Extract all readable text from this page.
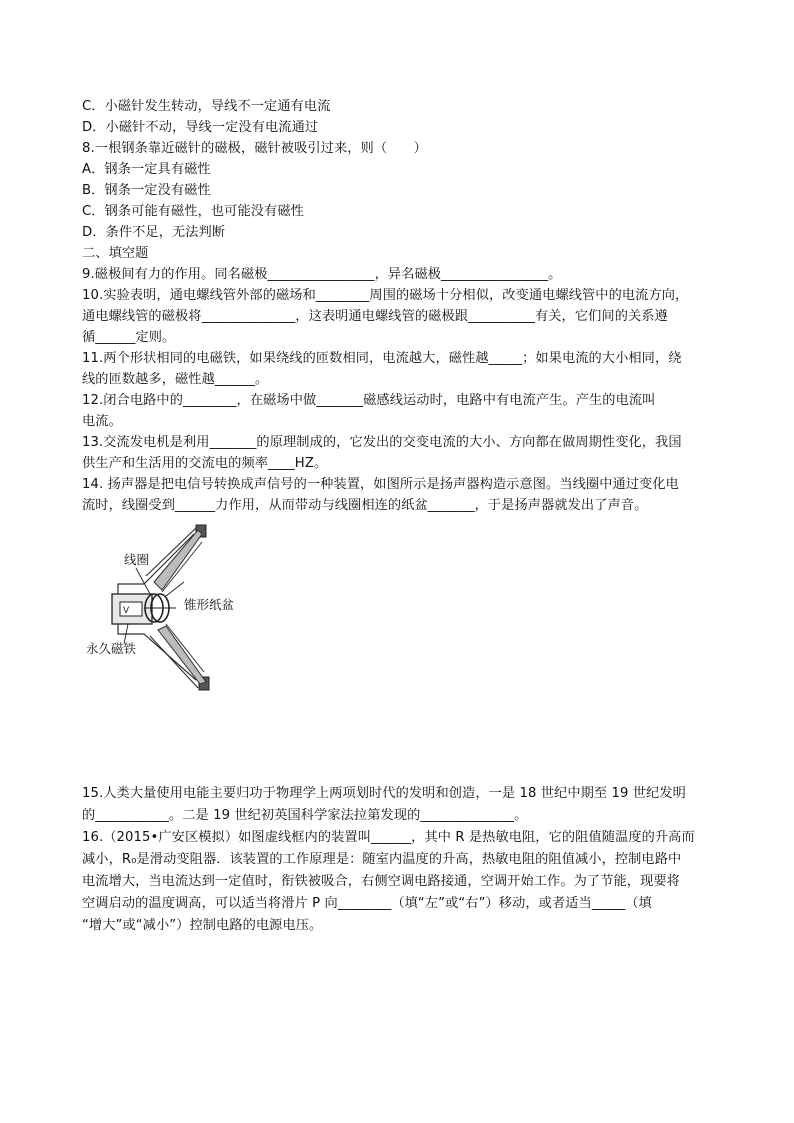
C．小磁针发生转动，导线不一定通有电流
D．小磁针不动，导线一定没有电流通过
8.一根钢条靠近磁针的磁极，磁针被吸引过来，则（　　）
A．钢条一定具有磁性
B．钢条一定没有磁性
C．钢条可能有磁性，也可能没有磁性
D．条件不足，无法判断
二、填空题
9.磁极间有力的作用。同名磁极________________，异名磁极________________。
10.实验表明，通电螺线管外部的磁场和________周围的磁场十分相似，改变通电螺线管中的电流方向，
通电螺线管的磁极将______________，这表明通电螺线管的磁极跟__________有关，它们间的关系遵
循______定则。
11.两个形状相同的电磁铁，如果绕线的匝数相同，电流越大，磁性越_____；如果电流的大小相同，绕
线的匝数越多，磁性越______。
12.闭合电路中的________，在磁场中做_______磁感线运动时，电路中有电流产生。产生的电流叫
电流。
13.交流发电机是利用_______的原理制成的，它发出的交变电流的大小、方向都在做周期性变化，我国
供生产和生活用的交流电的频率____HZ。
14. 扬声器是把电信号转换成声信号的一种装置，如图所示是扬声器构造示意图。当线圈中通过变化电
流时，线圈受到______力作用，从而带动与线圈相连的纸盆_______，于是扬声器就发出了声音。
V
线圈
锥形纸盆
永久磁铁
15.人类大量使用电能主要归功于物理学上两项划时代的发明和创造，一是 18 世纪中期至 19 世纪发明
的___________。二是 19 世纪初英国科学家法拉第发现的______________。
16.（2015•广安区模拟）如图虚线框内的装置叫______，其中 R 是热敏电阻，它的阻值随温度的升高而
减小，R₀是滑动变阻器．该装置的工作原理是：随室内温度的升高，热敏电阻的阻值减小，控制电路中
电流增大，当电流达到一定值时，衔铁被吸合，右侧空调电路接通，空调开始工作。为了节能，现要将
空调启动的温度调高，可以适当将滑片 P 向________（填“左”或“右”）移动，或者适当_____（填
“增大”或“减小”）控制电路的电源电压。
